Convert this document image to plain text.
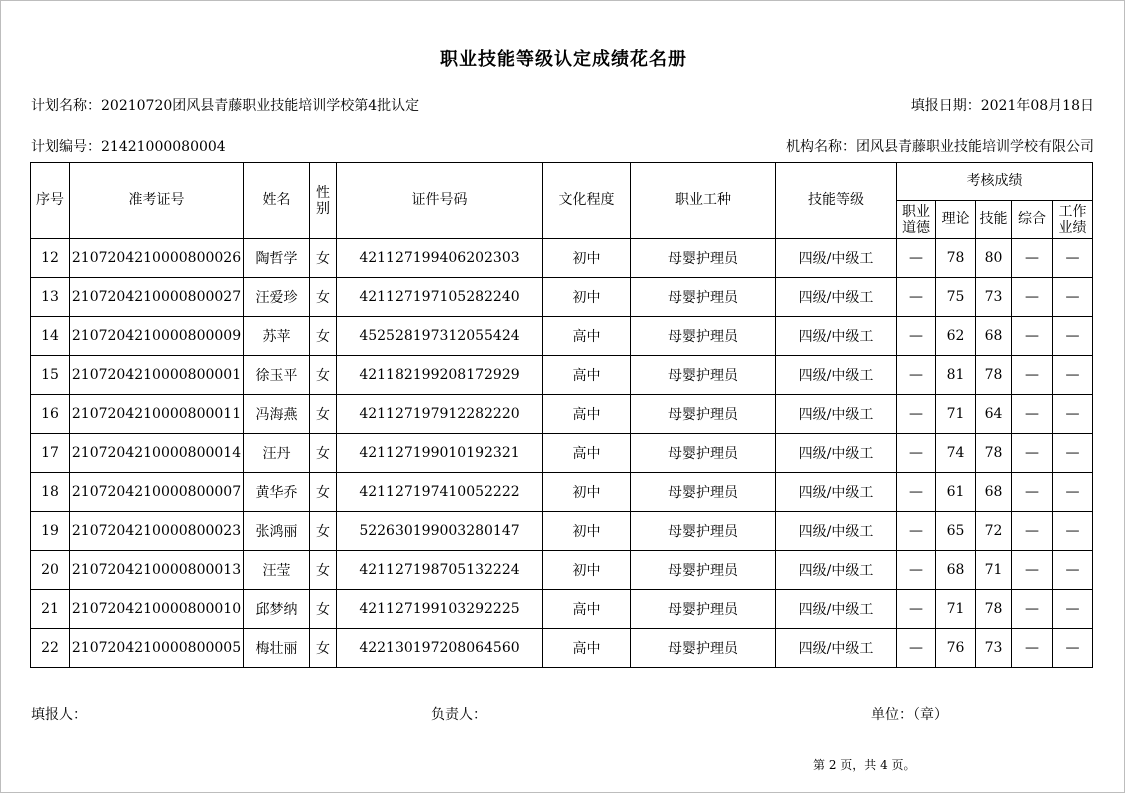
职业技能等级认定成绩花名册
计划名称：20210720团风县青藤职业技能培训学校第4批认定	填报日期：2021年08月18日
计划编号：21421000080004	机构名称：团风县青藤职业技能培训学校有限公司
序号	准考证号	姓名	性别	证件号码	文化程度	职业工种	技能等级	考核成绩				
								职业道德	理论	技能	综合	工作业绩
12	2107204210000800026	陶哲学	女	421127199406202303	初中	母婴护理员	四级/中级工	—	78	80	—	—
13	2107204210000800027	汪爱珍	女	421127197105282240	初中	母婴护理员	四级/中级工	—	75	73	—	—
14	2107204210000800009	苏苹	女	452528197312055424	高中	母婴护理员	四级/中级工	—	62	68	—	—
15	2107204210000800001	徐玉平	女	421182199208172929	高中	母婴护理员	四级/中级工	—	81	78	—	—
16	2107204210000800011	冯海燕	女	421127197912282220	高中	母婴护理员	四级/中级工	—	71	64	—	—
17	2107204210000800014	汪丹	女	421127199010192321	高中	母婴护理员	四级/中级工	—	74	78	—	—
18	2107204210000800007	黄华乔	女	421127197410052222	初中	母婴护理员	四级/中级工	—	61	68	—	—
19	2107204210000800023	张鸿丽	女	522630199003280147	初中	母婴护理员	四级/中级工	—	65	72	—	—
20	2107204210000800013	汪莹	女	421127198705132224	初中	母婴护理员	四级/中级工	—	68	71	—	—
21	2107204210000800010	邱梦纳	女	421127199103292225	高中	母婴护理员	四级/中级工	—	71	78	—	—
22	2107204210000800005	梅壮丽	女	422130197208064560	高中	母婴护理员	四级/中级工	—	76	73	—	—
填报人：	负责人：	单位：（章）
第 2 页，共 4 页。
